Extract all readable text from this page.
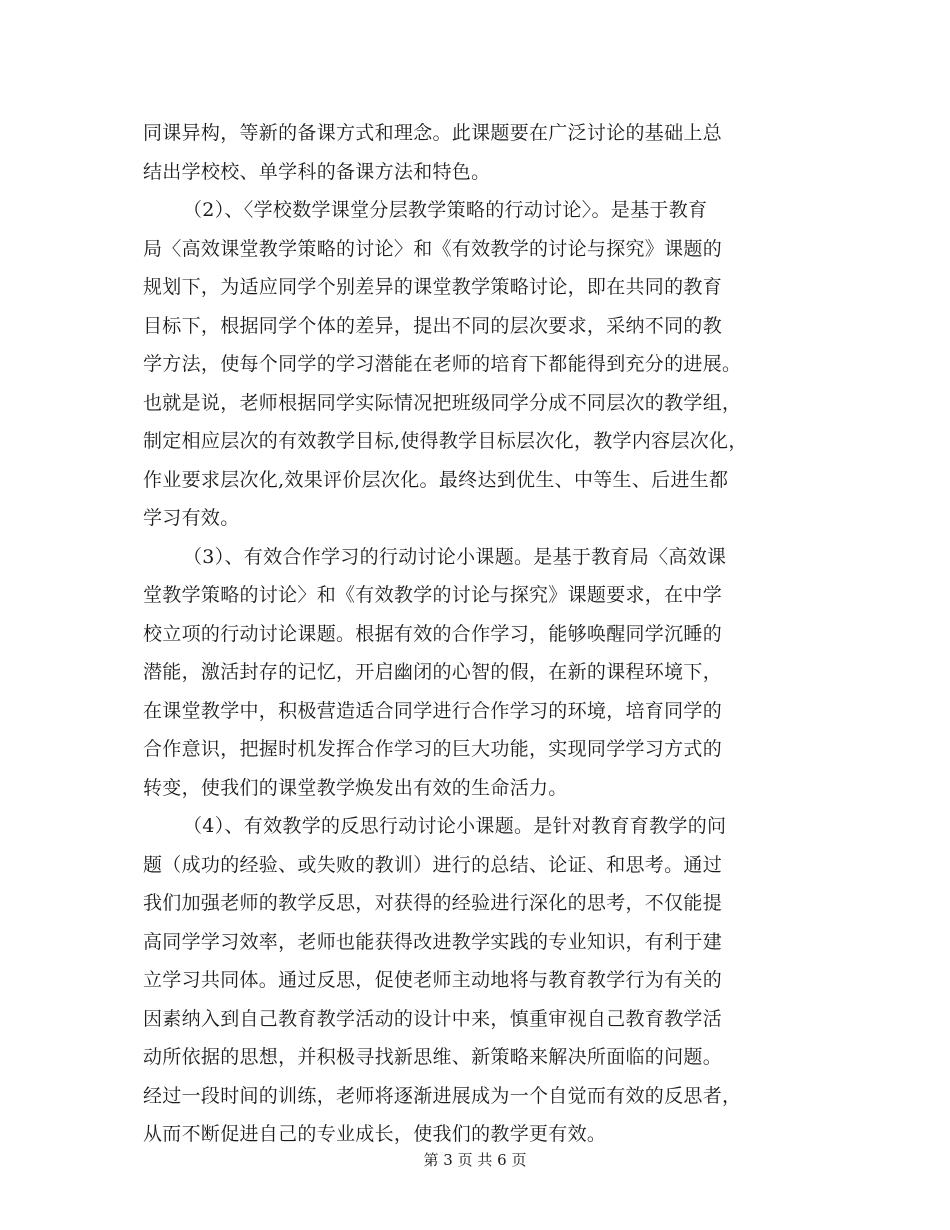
同课异构，等新的备课方式和理念。此课题要在广泛讨论的基础上总
结出学校校、单学科的备课方法和特色。
（2）、〈学校数学课堂分层教学策略的行动讨论〉。是基于教育
局〈高效课堂教学策略的讨论〉和《有效教学的讨论与探究》课题的
规划下，为适应同学个别差异的课堂教学策略讨论，即在共同的教育
目标下，根据同学个体的差异，提出不同的层次要求，采纳不同的教
学方法，使每个同学的学习潜能在老师的培育下都能得到充分的进展。
也就是说，老师根据同学实际情况把班级同学分成不同层次的教学组，
制定相应层次的有效教学目标,使得教学目标层次化，教学内容层次化，
作业要求层次化,效果评价层次化。最终达到优生、中等生、后进生都
学习有效。
（3）、有效合作学习的行动讨论小课题。是基于教育局〈高效课
堂教学策略的讨论〉和《有效教学的讨论与探究》课题要求，在中学
校立项的行动讨论课题。根据有效的合作学习，能够唤醒同学沉睡的
潜能，激活封存的记忆，开启幽闭的心智的假，在新的课程环境下，
在课堂教学中，积极营造适合同学进行合作学习的环境，培育同学的
合作意识，把握时机发挥合作学习的巨大功能，实现同学学习方式的
转变，使我们的课堂教学焕发出有效的生命活力。
（4）、有效教学的反思行动讨论小课题。是针对教育育教学的问
题（成功的经验、或失败的教训）进行的总结、论证、和思考。通过
我们加强老师的教学反思，对获得的经验进行深化的思考，不仅能提
高同学学习效率，老师也能获得改进教学实践的专业知识，有利于建
立学习共同体。通过反思，促使老师主动地将与教育教学行为有关的
因素纳入到自己教育教学活动的设计中来，慎重审视自己教育教学活
动所依据的思想，并积极寻找新思维、新策略来解决所面临的问题。
经过一段时间的训练，老师将逐渐进展成为一个自觉而有效的反思者，
从而不断促进自己的专业成长，使我们的教学更有效。
第 3 页 共 6 页
